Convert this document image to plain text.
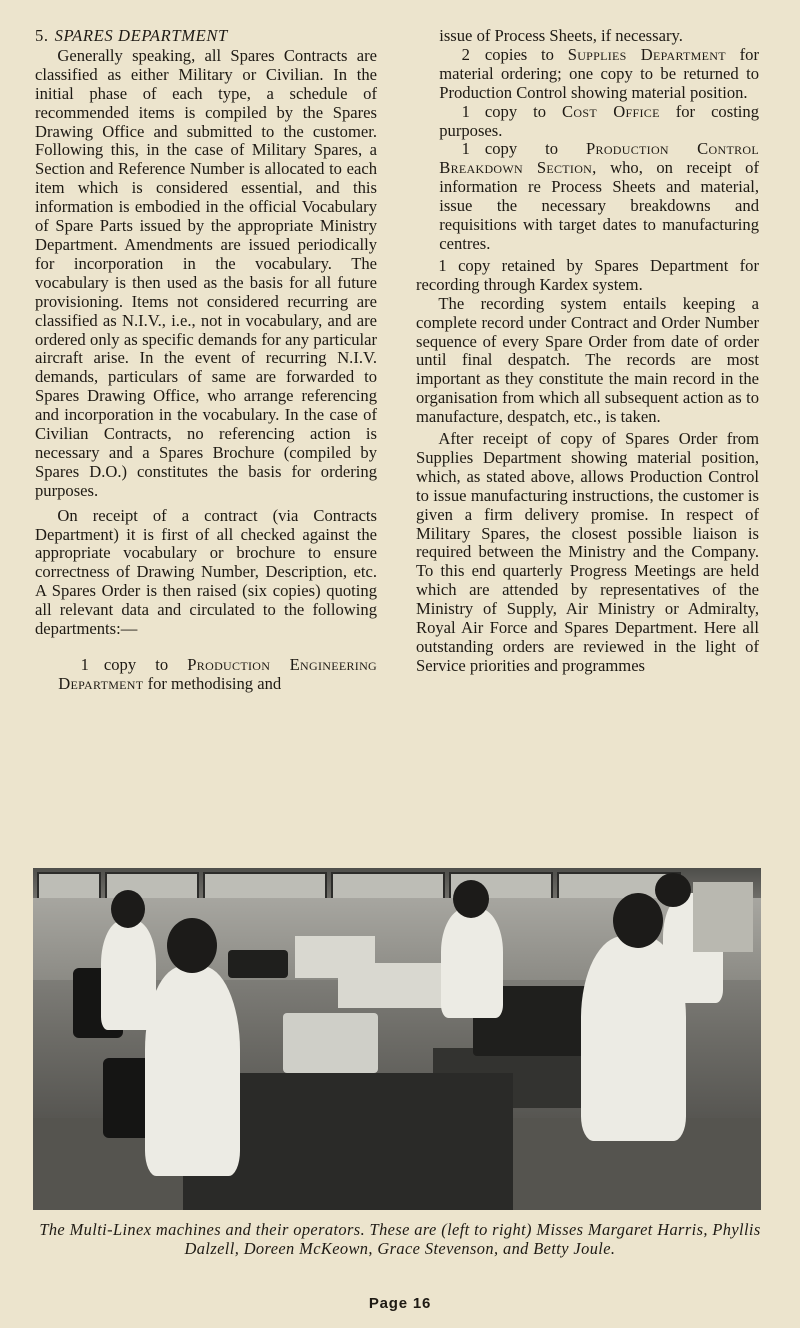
5. SPARES DEPARTMENT

Generally speaking, all Spares Contracts are classified as either Military or Civilian. In the initial phase of each type, a schedule of recommended items is compiled by the Spares Drawing Office and submitted to the customer. Following this, in the case of Military Spares, a Section and Reference Number is allocated to each item which is considered essential, and this information is embodied in the official Vocabulary of Spare Parts issued by the appropriate Ministry Department. Amendments are issued periodically for incorporation in the vocabulary. The vocabulary is then used as the basis for all future provisioning. Items not considered recurring are classified as N.I.V., i.e., not in vocabulary, and are ordered only as specific demands for any particular aircraft arise. In the event of recurring N.I.V. demands, particulars of same are forwarded to Spares Drawing Office, who arrange referencing and incorporation in the vocabulary. In the case of Civilian Contracts, no referencing action is necessary and a Spares Brochure (compiled by Spares D.O.) constitutes the basis for ordering purposes.

On receipt of a contract (via Contracts Department) it is first of all checked against the appropriate vocabulary or brochure to ensure correctness of Drawing Number, Description, etc. A Spares Order is then raised (six copies) quoting all relevant data and circulated to the following departments:—

1 copy to Production Engineering Department for methodising and

issue of Process Sheets, if necessary.

2 copies to Supplies Department for material ordering; one copy to be returned to Production Control showing material position.

1 copy to Cost Office for costing purposes.

1 copy to Production Control Breakdown Section, who, on receipt of information re Process Sheets and material, issue the necessary breakdowns and requisitions with target dates to manufacturing centres.

1 copy retained by Spares Department for recording through Kardex system.

The recording system entails keeping a complete record under Contract and Order Number sequence of every Spare Order from date of order until final despatch. The records are most important as they constitute the main record in the organisation from which all subsequent action as to manufacture, despatch, etc., is taken.

After receipt of copy of Spares Order from Supplies Department showing material position, which, as stated above, allows Production Control to issue manufacturing instructions, the customer is given a firm delivery promise. In respect of Military Spares, the closest possible liaison is required between the Ministry and the Company. To this end quarterly Progress Meetings are held which are attended by representatives of the Ministry of Supply, Air Ministry or Admiralty, Royal Air Force and Spares Department. Here all outstanding orders are reviewed in the light of Service priorities and programmes

The Multi-Linex machines and their operators. These are (left to right) Misses Margaret Harris, Phyllis Dalzell, Doreen McKeown, Grace Stevenson, and Betty Joule.
Page 16
